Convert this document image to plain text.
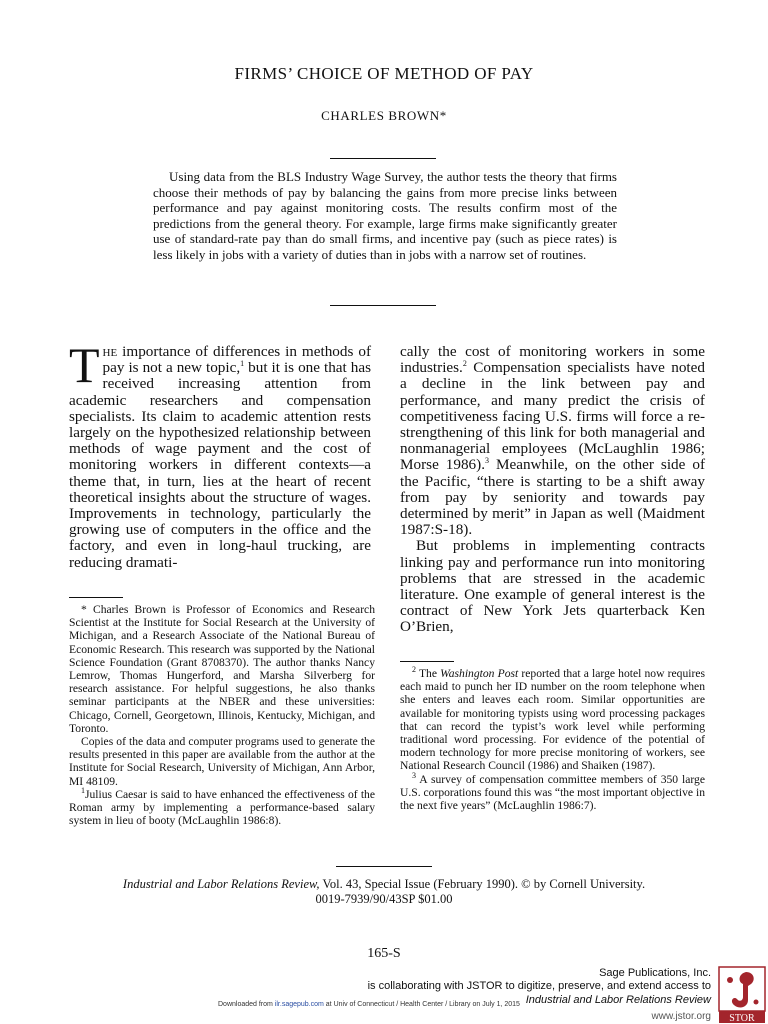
FIRMS’ CHOICE OF METHOD OF PAY
CHARLES BROWN*
Using data from the BLS Industry Wage Survey, the author tests the theory that firms choose their methods of pay by balancing the gains from more precise links between performance and pay against monitoring costs. The results confirm most of the predictions from the general theory. For example, large firms make significantly greater use of standard-rate pay than do small firms, and incentive pay (such as piece rates) is less likely in jobs with a variety of duties than in jobs with a narrow set of routines.

The importance of differences in methods of pay is not a new topic,$^1$ but it is one that has received increasing attention from academic researchers and compensation specialists. Its claim to academic attention rests largely on the hypothesized relationship between methods of wage payment and the cost of monitoring workers in different contexts—a theme that, in turn, lies at the heart of recent theoretical insights about the structure of wages. Improvements in technology, particularly the growing use of computers in the office and the factory, and even in long-haul trucking, are reducing dramati-

cally the cost of monitoring workers in some industries.$^2$ Compensation specialists have noted a decline in the link between pay and performance, and many predict the crisis of competitiveness facing U.S. firms will force a re-strengthening of this link for both managerial and nonmanagerial employees (McLaughlin 1986; Morse 1986).$^3$ Meanwhile, on the other side of the Pacific, “there is starting to be a shift away from pay by seniority and towards pay determined by merit” in Japan as well (Maidment 1987:S-18).

But problems in implementing contracts linking pay and performance run into monitoring problems that are stressed in the academic literature. One example of general interest is the contract of New York Jets quarterback Ken O’Brien,

* Charles Brown is Professor of Economics and Research Scientist at the Institute for Social Research at the University of Michigan, and a Research Associate of the National Bureau of Economic Research. This research was supported by the National Science Foundation (Grant 8708370). The author thanks Nancy Lemrow, Thomas Hungerford, and Marsha Silverberg for research assistance. For helpful suggestions, he also thanks seminar participants at the NBER and these universities: Chicago, Cornell, Georgetown, Illinois, Kentucky, Michigan, and Toronto.

Copies of the data and computer programs used to generate the results presented in this paper are available from the author at the Institute for Social Research, University of Michigan, Ann Arbor, MI 48109.

$^1$Julius Caesar is said to have enhanced the effectiveness of the Roman army by implementing a performance-based salary system in lieu of booty (McLaughlin 1986:8).

$^2$ The Washington Post reported that a large hotel now requires each maid to punch her ID number on the room telephone when she enters and leaves each room. Similar opportunities are available for monitoring typists using word processing packages that can record the typist’s work level while performing traditional word processing. For evidence of the potential of modern technology for more precise monitoring of workers, see National Research Council (1986) and Shaiken (1987).

$^3$ A survey of compensation committee members of 350 large U.S. corporations found this was “the most important objective in the next five years” (McLaughlin 1986:7).

Industrial and Labor Relations Review, Vol. 43, Special Issue (February 1990). © by Cornell University.
0019-7939/90/43SP $01.00
165-S
Sage Publications, Inc.
is collaborating with JSTOR to digitize, preserve, and extend access to
Industrial and Labor Relations Review
Downloaded from ilr.sagepub.com at Univ of Connecticut / Health Center / Library on July 1, 2015
www.jstor.org STOR
